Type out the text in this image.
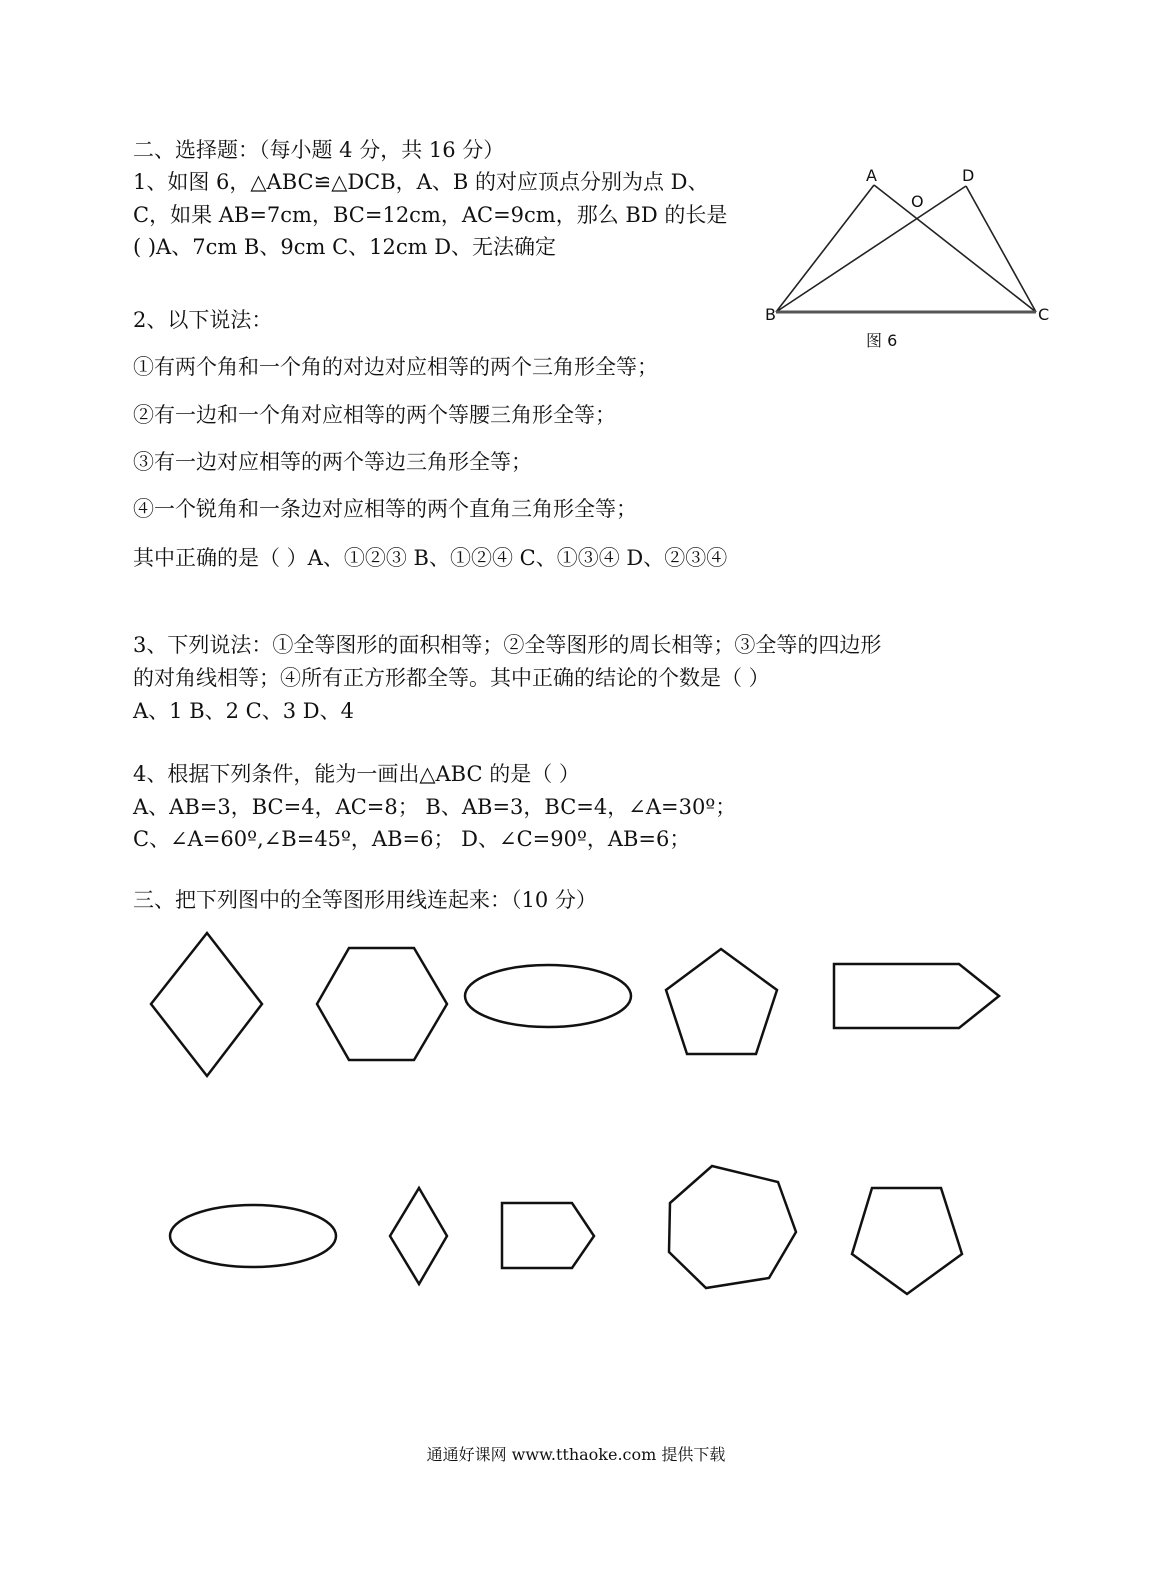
二、选择题：（每小题 4 分，共 16 分）
1、如图 6，△ABC≌△DCB，A、B 的对应顶点分别为点 D、
C，如果 AB=7cm，BC=12cm，AC=9cm，那么 BD 的长是
( )A、7cm B、9cm C、12cm D、无法确定
A	D
O
B	C
图 6
2、以下说法：
①有两个角和一个角的对边对应相等的两个三角形全等；
②有一边和一个角对应相等的两个等腰三角形全等；
③有一边对应相等的两个等边三角形全等；
④一个锐角和一条边对应相等的两个直角三角形全等；
其中正确的是（ ）A、①②③ B、①②④ C、①③④ D、②③④
3、下列说法：①全等图形的面积相等；②全等图形的周长相等；③全等的四边形
的对角线相等；④所有正方形都全等。其中正确的结论的个数是（ ）
A、1 B、2 C、3 D、4
4、根据下列条件，能为一画出△ABC 的是（ ）
A、AB=3，BC=4，AC=8； B、AB=3，BC=4，∠A=30º；
C、∠A=60º,∠B=45º，AB=6； D、∠C=90º，AB=6；
三、把下列图中的全等图形用线连起来：（10 分）
通通好课网 www.tthaoke.com 提供下载
